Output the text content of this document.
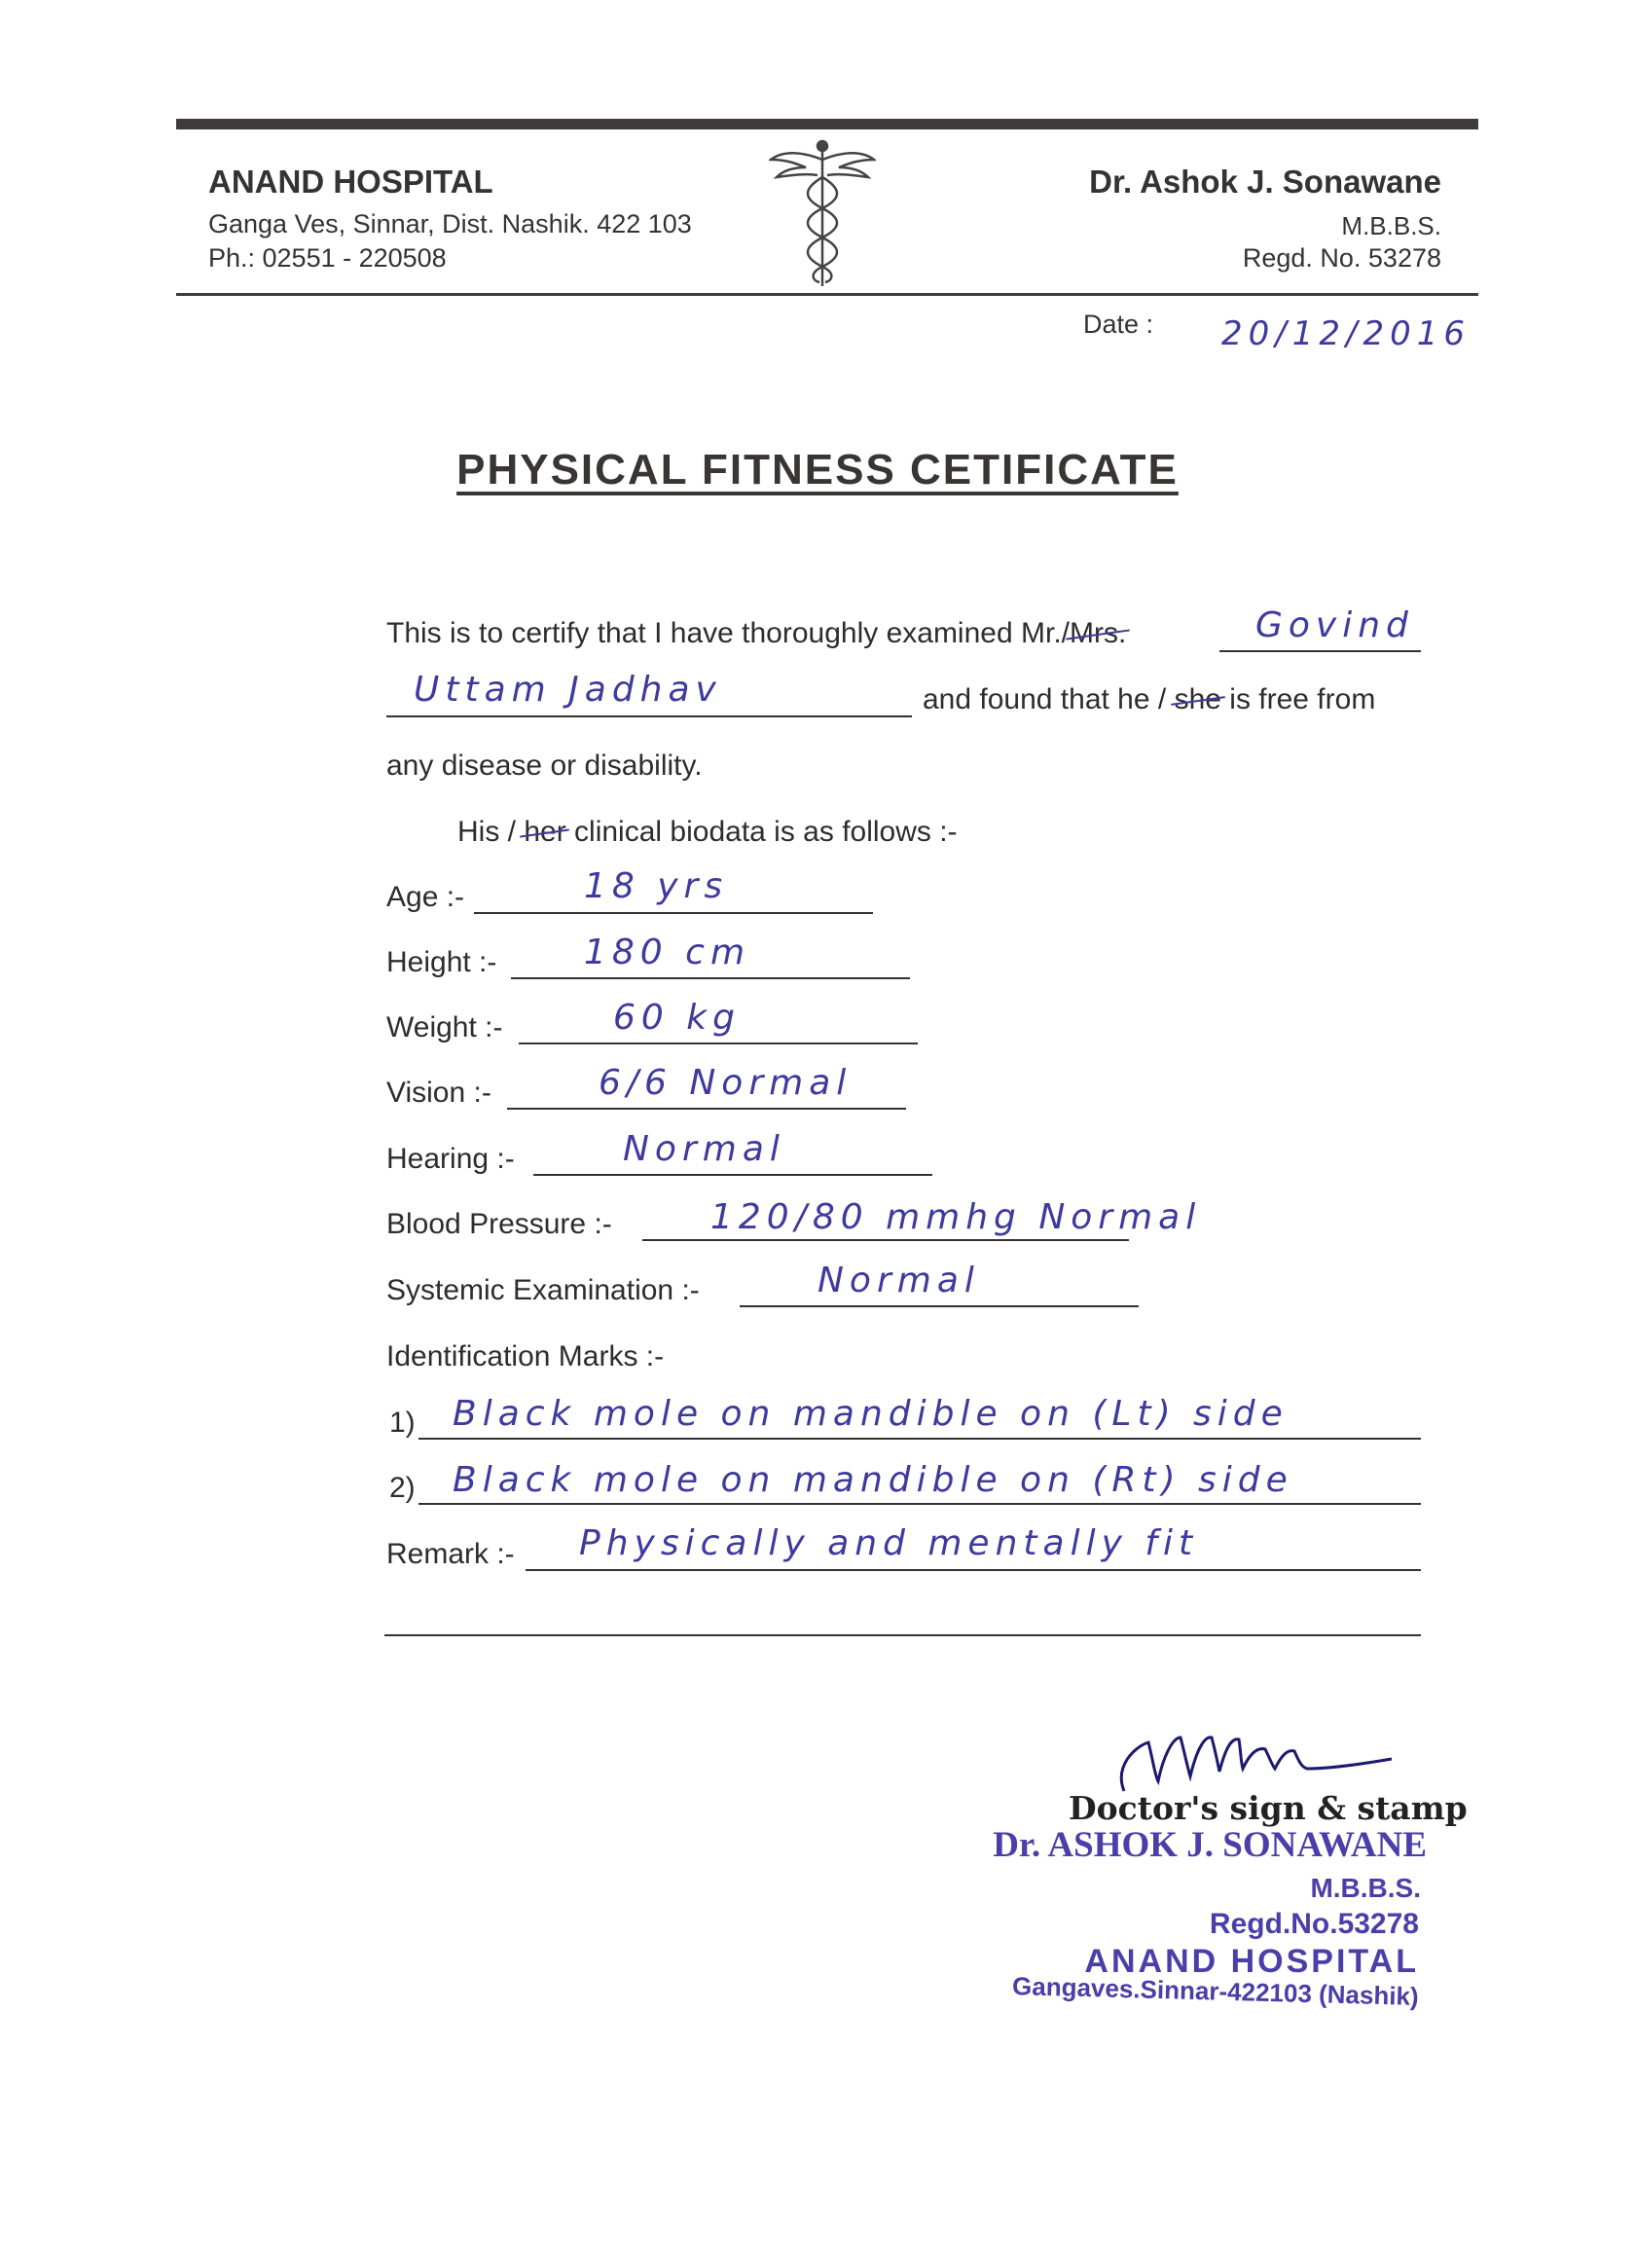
ANAND HOSPITAL
Ganga Ves, Sinnar, Dist. Nashik. 422 103
Ph.: 02551 - 220508
Dr. Ashok J. Sonawane
M.B.B.S.
Regd. No. 53278
Date : 20/12/2016
PHYSICAL FITNESS CETIFICATE
This is to certify that I have thoroughly examined Mr./Mrs.	Govind
Uttam Jadhav	and found that he / she is free from
any disease or disability.
His / her clinical biodata is as follows :-
Age :-	18 yrs
Height :- 180 cm
Weight :-	60 kg
Vision :-	6/6 Normal
Hearing :-	Normal
Blood Pressure :-	120/80 mmhg Normal
Systemic Examination :-	Normal
Identification Marks :-
1) Black mole on mandible on (Lt) side
2) Black mole on mandible on (Rt) side
Remark :- Physically and mentally fit
Doctor's sign & stamp
Dr. ASHOK J. SONAWANE
M.B.B.S.
Regd.No.53278
ANAND HOSPITAL
Gangaves.Sinnar-422103 (Nashik)
